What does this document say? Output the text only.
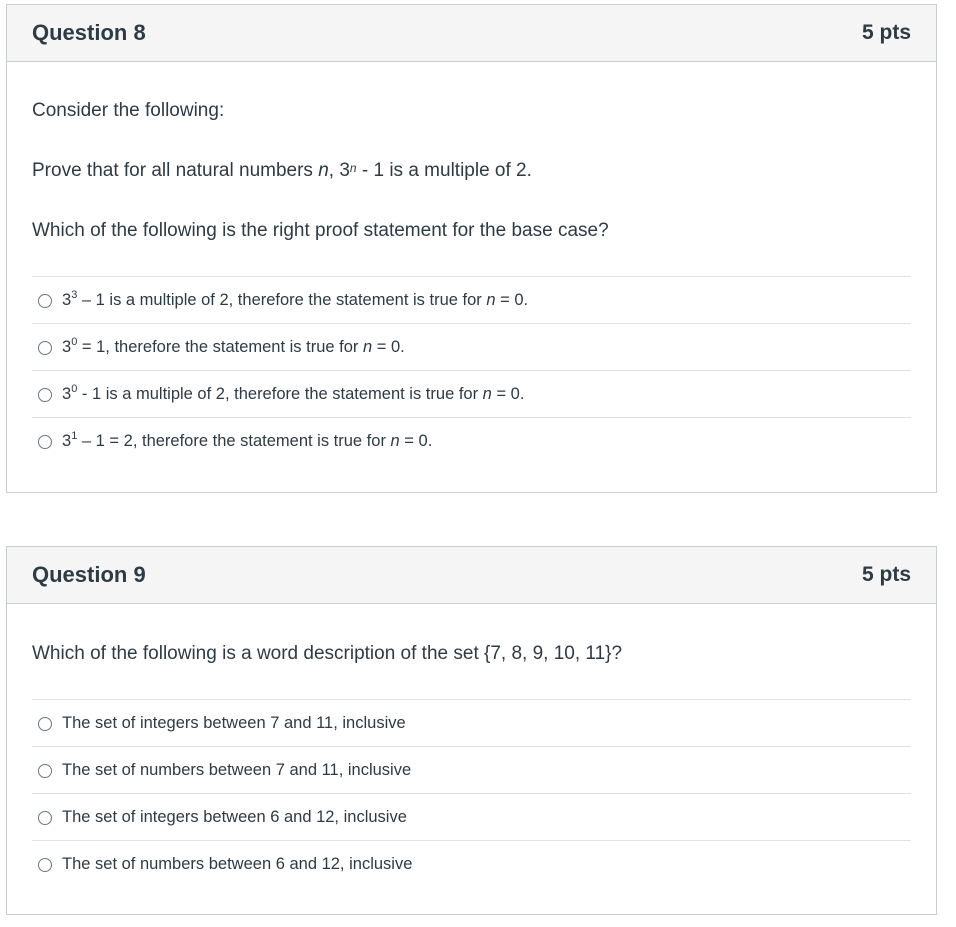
Question 8	5 pts

Consider the following:

Prove that for all natural numbers n, 3$^n$ - 1 is a multiple of 2.

Which of the following is the right proof statement for the base case?

$3^3 - 1$ is a multiple of 2, therefore the statement is true for n = 0.
$3^0 = 1$, therefore the statement is true for n = 0.
$3^0 - 1$ is a multiple of 2, therefore the statement is true for n = 0.
$3^1 - 1 = 2$, therefore the statement is true for n = 0.
Question 9	5 pts

Which of the following is a word description of the set {7, 8, 9, 10, 11}?

The set of integers between 7 and 11, inclusive
The set of numbers between 7 and 11, inclusive
The set of integers between 6 and 12, inclusive
The set of numbers between 6 and 12, inclusive
